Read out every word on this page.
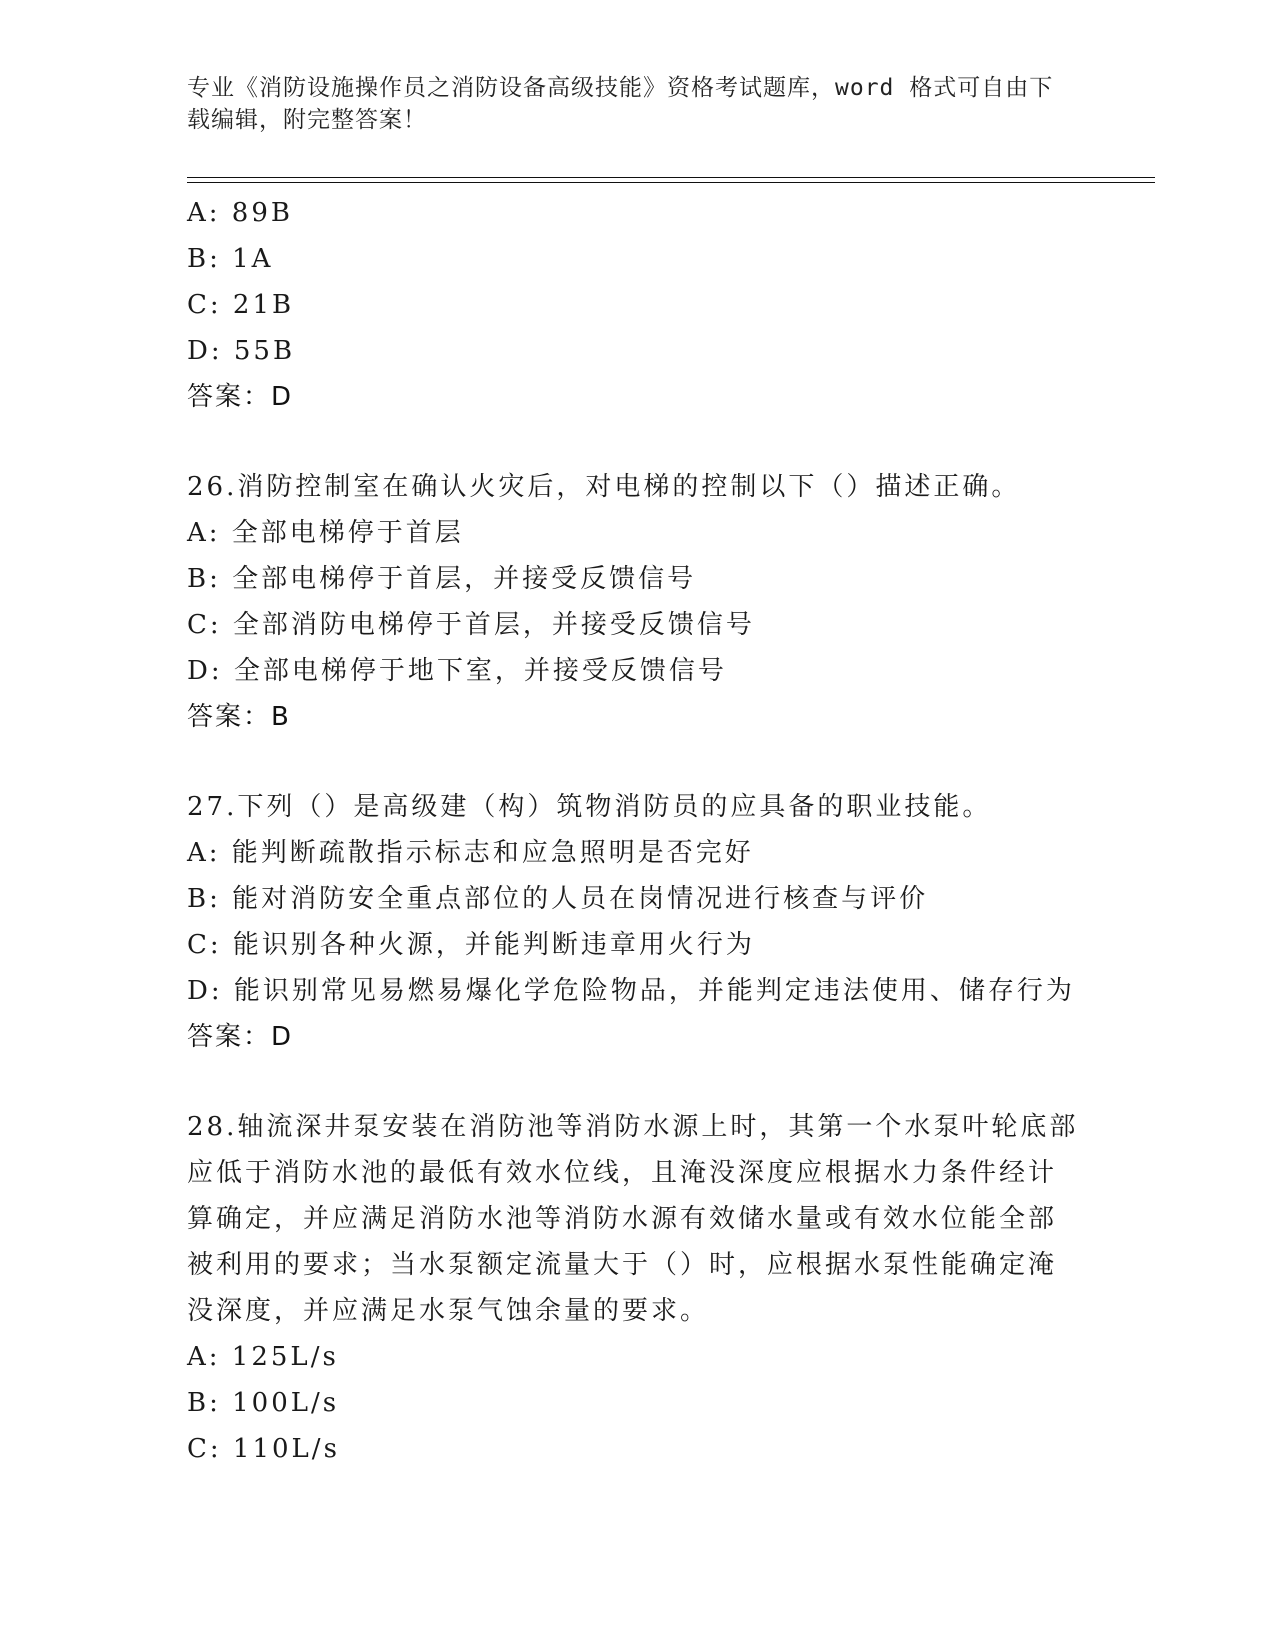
专业《消防设施操作员之消防设备高级技能》资格考试题库，word 格式可自由下
载编辑，附完整答案！
A: 89B
B: 1A
C: 21B
D: 55B
答案：D
26.消防控制室在确认火灾后，对电梯的控制以下（）描述正确。
A: 全部电梯停于首层
B: 全部电梯停于首层，并接受反馈信号
C: 全部消防电梯停于首层，并接受反馈信号
D: 全部电梯停于地下室，并接受反馈信号
答案：B
27.下列（）是高级建（构）筑物消防员的应具备的职业技能。
A: 能判断疏散指示标志和应急照明是否完好
B: 能对消防安全重点部位的人员在岗情况进行核查与评价
C: 能识别各种火源，并能判断违章用火行为
D: 能识别常见易燃易爆化学危险物品，并能判定违法使用、储存行为
答案：D
28.轴流深井泵安装在消防池等消防水源上时，其第一个水泵叶轮底部
应低于消防水池的最低有效水位线，且淹没深度应根据水力条件经计
算确定，并应满足消防水池等消防水源有效储水量或有效水位能全部
被利用的要求；当水泵额定流量大于（）时，应根据水泵性能确定淹
没深度，并应满足水泵气蚀余量的要求。
A: 125L/s
B: 100L/s
C: 110L/s
